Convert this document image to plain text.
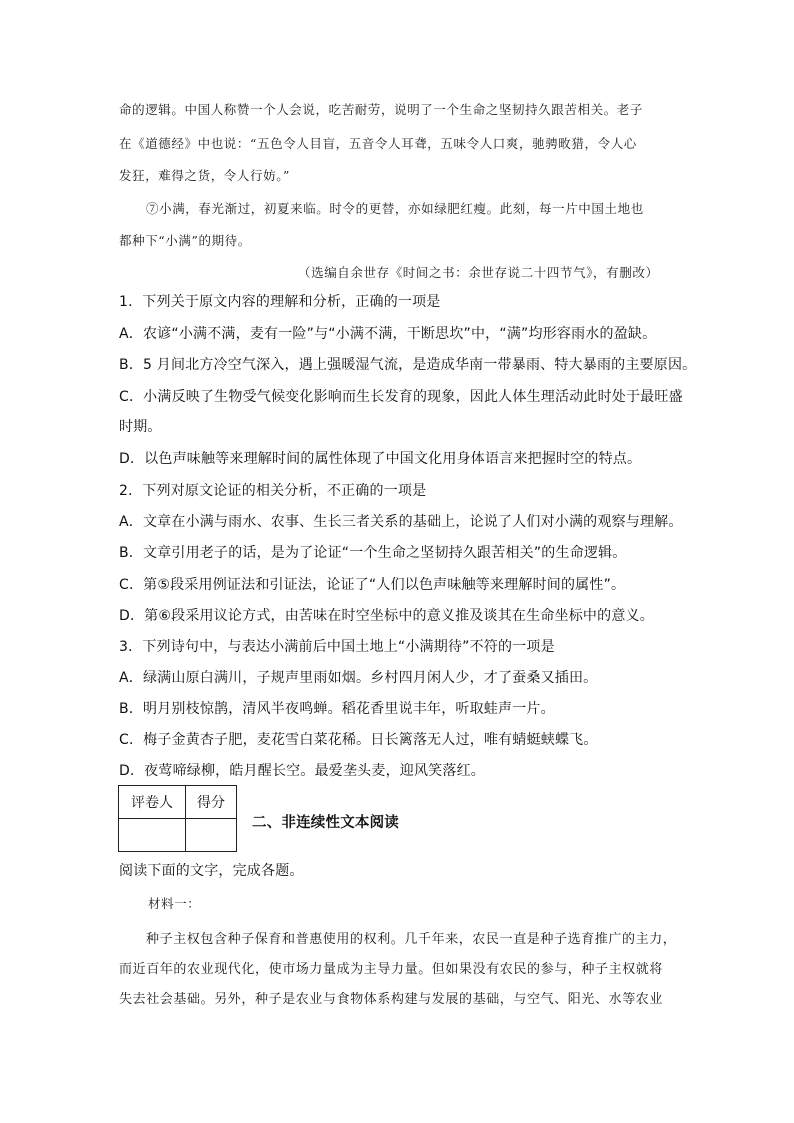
命的逻辑。中国人称赞一个人会说，吃苦耐劳，说明了一个生命之坚韧持久跟苦相关。老子
在《道德经》中也说：“五色令人目盲，五音令人耳聋，五味令人口爽，驰骋畋猎，令人心
发狂，难得之货，令人行妨。”
⑦小满，春光渐过，初夏来临。时令的更替，亦如绿肥红瘦。此刻，每一片中国土地也
都种下“小满”的期待。
（选编自余世存《时间之书：余世存说二十四节气》，有删改）
1．下列关于原文内容的理解和分析，正确的一项是
A．农谚“小满不满，麦有一险”与“小满不满，干断思坎”中，“满”均形容雨水的盈缺。
B．5 月间北方冷空气深入，遇上强暖湿气流，是造成华南一带暴雨、特大暴雨的主要原因。
C．小满反映了生物受气候变化影响而生长发育的现象，因此人体生理活动此时处于最旺盛
时期。
D．以色声味触等来理解时间的属性体现了中国文化用身体语言来把握时空的特点。
2．下列对原文论证的相关分析，不正确的一项是
A．文章在小满与雨水、农事、生长三者关系的基础上，论说了人们对小满的观察与理解。
B．文章引用老子的话，是为了论证“一个生命之坚韧持久跟苦相关”的生命逻辑。
C．第⑤段采用例证法和引证法，论证了“人们以色声味触等来理解时间的属性”。
D．第⑥段采用议论方式，由苦味在时空坐标中的意义推及谈其在生命坐标中的意义。
3．下列诗句中，与表达小满前后中国土地上“小满期待”不符的一项是
A．绿满山原白满川，子规声里雨如烟。乡村四月闲人少，才了蚕桑又插田。
B．明月别枝惊鹊，清风半夜鸣蝉。稻花香里说丰年，听取蛙声一片。
C．梅子金黄杏子肥，麦花雪白菜花稀。日长篱落无人过，唯有蜻蜓蛱蝶飞。
D．夜莺啼绿柳，皓月醒长空。最爱垄头麦，迎风笑落红。
评卷人	得分

二、非连续性文本阅读
阅读下面的文字，完成各题。
材料一：
种子主权包含种子保育和普惠使用的权利。几千年来，农民一直是种子选育推广的主力，
而近百年的农业现代化，使市场力量成为主导力量。但如果没有农民的参与，种子主权就将
失去社会基础。另外，种子是农业与食物体系构建与发展的基础，与空气、阳光、水等农业
